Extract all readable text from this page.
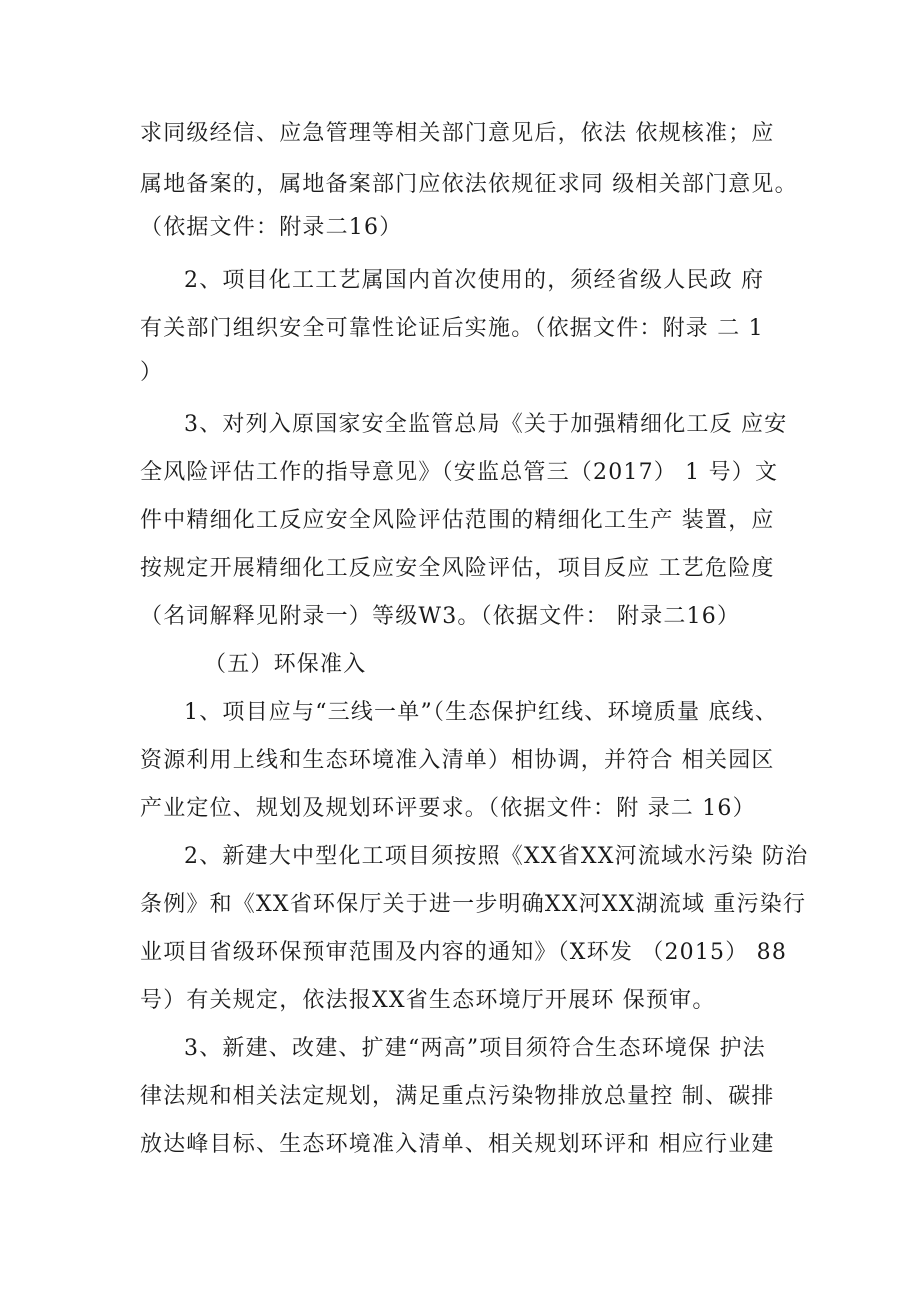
求同级经信、应急管理等相关部门意见后，依法 依规核准；应
属地备案的，属地备案部门应依法依规征求同 级相关部门意见。
（依据文件：附录二16）
2、项目化工工艺属国内首次使用的，须经省级人民政 府
有关部门组织安全可靠性论证后实施。（依据文件：附录 二 1
）
3、对列入原国家安全监管总局《关于加强精细化工反 应安
全风险评估工作的指导意见》（安监总管三（2017） 1 号）文
件中精细化工反应安全风险评估范围的精细化工生产 装置，应
按规定开展精细化工反应安全风险评估，项目反应 工艺危险度
（名词解释见附录一）等级W3。（依据文件： 附录二16）
（五）环保准入
1、项目应与“三线一单”（生态保护红线、环境质量 底线、
资源利用上线和生态环境准入清单）相协调，并符合 相关园区
产业定位、规划及规划环评要求。（依据文件：附 录二 16）
2、新建大中型化工项目须按照《XX省XX河流域水污染 防治
条例》和《XX省环保厅关于进一步明确XX河XX湖流域 重污染行
业项目省级环保预审范围及内容的通知》（X环发 （2015） 88
号）有关规定，依法报XX省生态环境厅开展环 保预审。
3、新建、改建、扩建“两高”项目须符合生态环境保 护法
律法规和相关法定规划，满足重点污染物排放总量控 制、碳排
放达峰目标、生态环境准入清单、相关规划环评和 相应行业建
